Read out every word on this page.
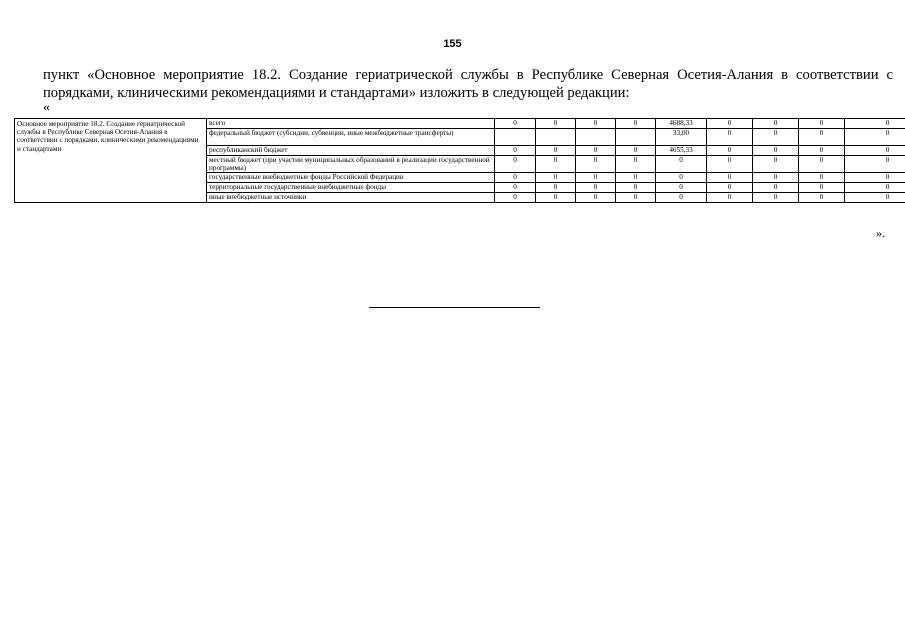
155
пункт «Основное мероприятие 18.2. Создание гериатрической службы в Республике Северная Осетия-Алания в соответствии с порядками, клиническими рекомендациями и стандартами» изложить в следующей редакции:
«
Основное мероприятие 18.2. Создание гериатрической службы в Республике Северная Осетия-Алания в соответствии с порядками, клиническими рекомендациями и стандартами	всего	0	0	0	0	4688,33	0	0	0	0
	федеральный бюджет (субсидии, субвенции, иные межбюджетные трансферты)					33,00	0	0	0	0
	республиканский бюджет	0	0	0	0	4655,33	0	0	0	0
	местный бюджет (при участии муниципальных образований в реализации государственной программы)	0	0	0	0	0	0	0	0	0
	государственные внебюджетные фонды Российской Федерации	0	0	0	0	0	0	0	0	0
	территориальные государственные внебюджетные фонды	0	0	0	0	0	0	0	0	0
	иные внебюджетные источники	0	0	0	0	0	0	0	0	0
».
